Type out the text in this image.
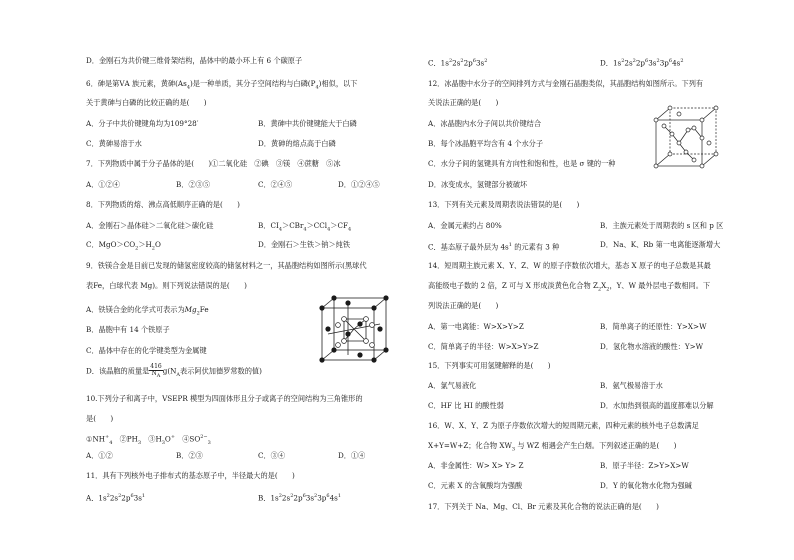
D．金刚石为共价键三维骨架结构，晶体中的最小环上有 6 个碳原子
6．砷是第ⅤA 族元素，黄砷$(As_4)$是一种单质，其分子空间结构与白磷$(P_4)$相似，以下
关于黄砷与白磷的比较正确的是(　　)
A．分子中共价键键角均为109°28′	B．黄砷中共价键键能大于白磷
C．黄砷易溶于水	D．黄砷的熔点高于白磷
7．下列物质中属于分子晶体的是(　　)①二氧化硅　②碘　③镁　④蔗糖　⑤冰
A．①②④	B．②③⑤	C．②④⑤	D．①②④⑤
8．下列物质的熔、沸点高低顺序正确的是(　　)
A．金刚石＞晶体硅＞二氧化硅＞碳化硅	B．$CI_4>CBr_4>CCl_4>CF_4$
C．$MgO>CO_2>H_2O$	D．金刚石＞生铁＞钠＞纯铁
9．铁镁合金是目前已发现的储氢密度较高的储氢材料之一，其晶胞结构如图所示(黑球代
表Fe，白球代表 Mg)。则下列说法错误的是(　　)
A．铁镁合金的化学式可表示为$Mg_2Fe$
B．晶胞中有 14 个铁原子
C．晶体中存在的化学键类型为金属键
D．该晶胞的质量是 $\frac{416}{N_A} g(N_A$表示阿伏加德罗常数的值)
10.下列分子和离子中，VSEPR 模型为四面体形且分子或离子的空间结构为三角锥形的
是(　　)
$①NH^+_4$　$②PH_3$　$③H_3O^+$　$④SO^{2-}_3$
A．①②	B．②③	C．③④	D．①④
11．具有下列核外电子排布式的基态原子中，半径最大的是(　　)
A．$1s^22s^22p^63s^1$	B．$1s^22s^22p^63s^23p^64s^1$
C．$1s^22s^22p^63s^2$	D．$1s^22s^22p^63s^23p^64s^2$
12．冰晶胞中水分子的空间排列方式与金刚石晶胞类似，其晶胞结构如图所示。下列有
关说法正确的是(　　)
A．冰晶胞内水分子间以共价键结合
B．每个冰晶胞平均含有 4 个水分子
C．水分子间的氢键具有方向性和饱和性，也是 σ 键的一种
D．冰变成水，氢键部分被破坏
13．下列有关元素及周期表说法错误的是(　　)
A．金属元素约占 80%	B．主族元素处于周期表的 s 区和 p 区
C．基态原子最外层为 $4s^1$ 的元素有 3 种	D．Na、K、Rb 第一电离能逐渐增大
14．短周期主族元素 X、Y、Z、W 的原子序数依次增大，基态 X 原子的电子总数是其最
高能级电子数的 2 倍，Z 可与 X 形成淡黄色化合物 $Z_2X_2$，Y、W 最外层电子数相同。下
列说法正确的是(　　)
A．第一电离能：W>X>Y>Z	B．简单离子的还原性：Y>X>W
C．简单离子的半径：W>X>Y>Z	D．氢化物水溶液的酸性：Y>W
15．下列事实可用氢键解释的是(　　)
A．氯气易液化	B．氨气极易溶于水
C．HF 比 HI 的酸性弱	D．水加热到很高的温度都难以分解
16．W、X、Y、Z 为原子序数依次增大的短周期元素，四种元素的核外电子总数满足
X+Y=W+Z；化合物 $XW_3$ 与 WZ 相遇会产生白烟。下列叙述正确的是(　　)
A．非金属性：W> X> Y> Z	B．原子半径：Z>Y>X>W
C．元素 X 的含氧酸均为强酸	D．Y 的氧化物水化物为强碱
17．下列关于 Na、Mg、Cl、Br 元素及其化合物的说法正确的是(　　)
